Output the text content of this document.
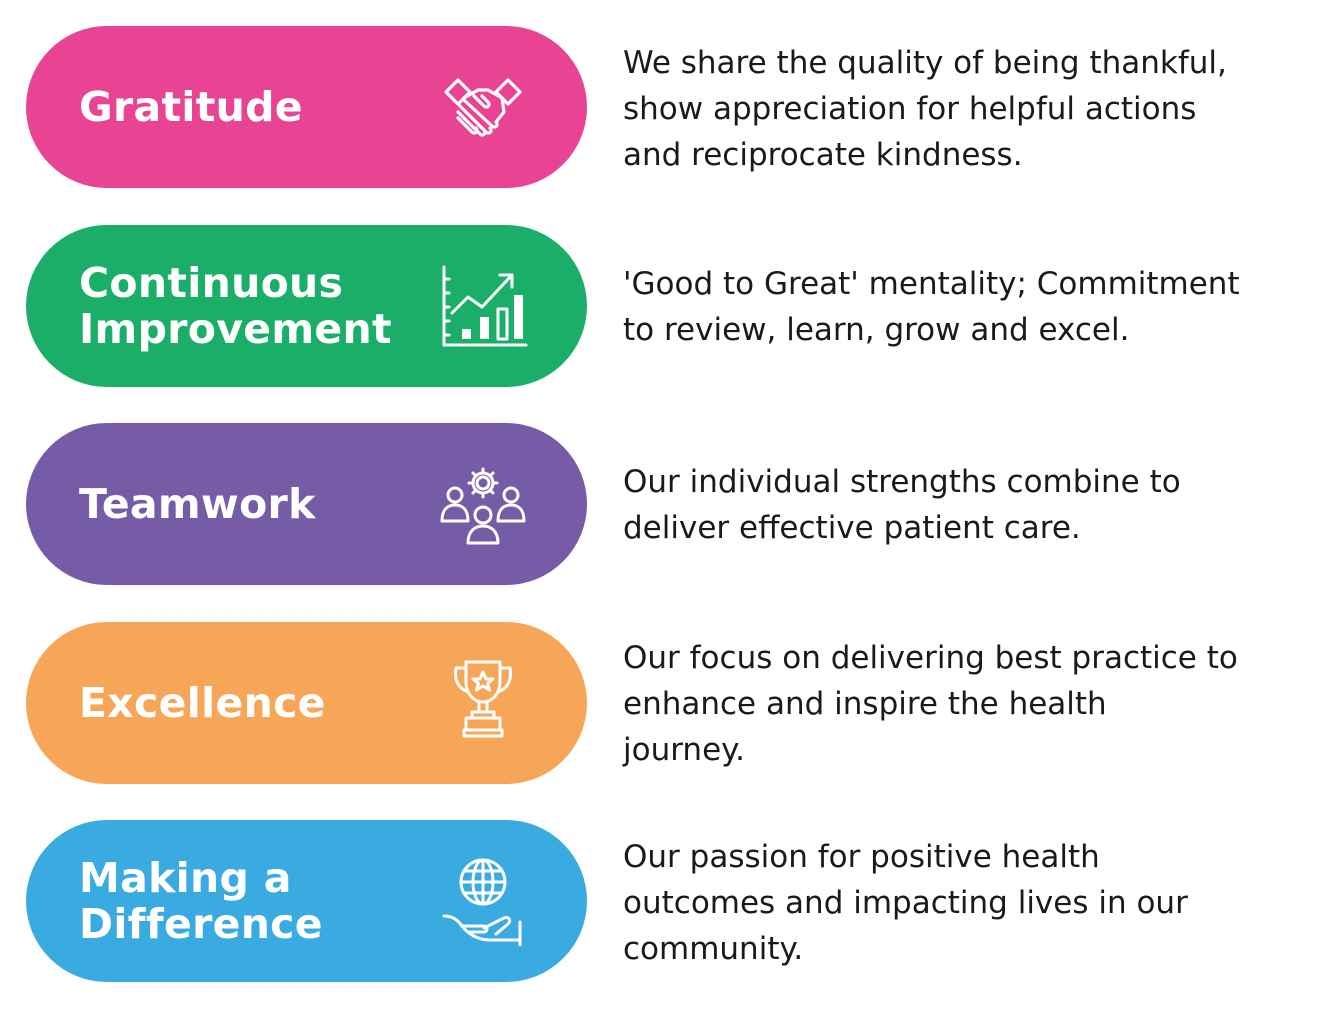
Gratitude
We share the quality of being thankful,
show appreciation for helpful actions
and reciprocate kindness.
Continuous
Improvement
'Good to Great' mentality; Commitment
to review, learn, grow and excel.
Teamwork	Our individual strengths combine to
deliver effective patient care.
Excellence
Our focus on delivering best practice to
enhance and inspire the health
journey.
Making a
Difference
Our passion for positive health
outcomes and impacting lives in our
community.
